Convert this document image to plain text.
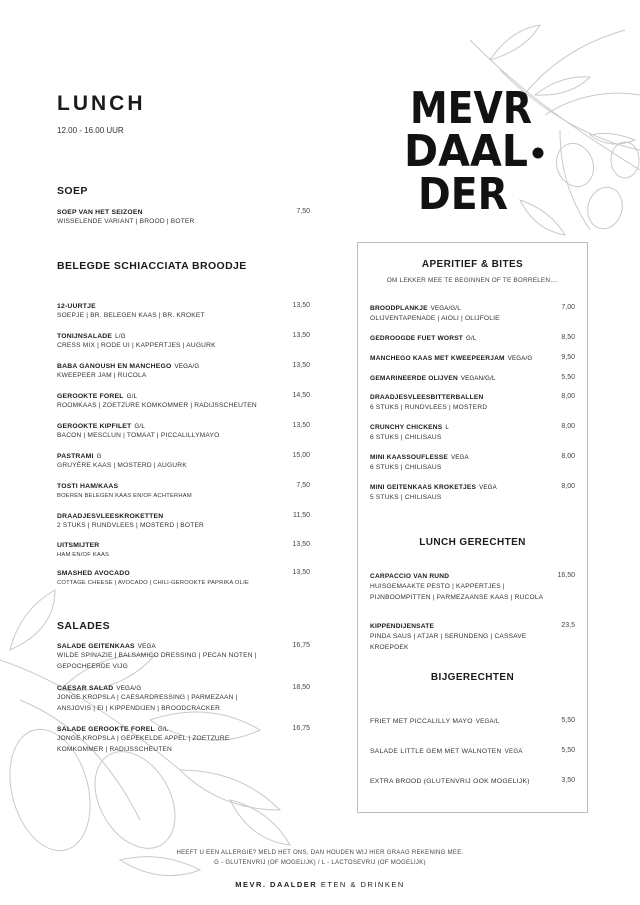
LUNCH
12.00 - 16.00 UUR	MEVR
DAAL
DER
SOEP
SOEP VAN HET SEIZOEN
WISSELENDE VARIANT | BROOD | BOTER
7,50
BELEGDE SCHIACCIATA BROODJE
12-UURTJE
SOEPJE | BR. BELEGEN KAAS | BR. KROKET
13,50
TONIJNSALADE L/G
CRESS MIX | RODE UI | KAPPERTJES | AUGURK
13,50
BABA GANOUSH EN MANCHEGO VEGA/G
KWEEPEER JAM | RUCOLA
13,50
GEROOKTE FOREL G/L
ROOMKAAS | ZOETZURE KOMKOMMER | RADIJSSCHEUTEN
14,50
GEROOKTE KIPFILET G/L
BACON | MESCLUN | TOMAAT | PICCALILLYMAYO
13,50
PASTRAMI G
GRUYÈRE KAAS | MOSTERD | AUGURK
15,00
TOSTI HAM/KAAS
BOEREN BELEGEN KAAS EN/OF ACHTERHAM
7,50
DRAADJESVLEESKROKETTEN
2 STUKS | RUNDVLEES | MOSTERD | BOTER
11,50
UITSMIJTER
HAM EN/OF KAAS
13,50
SMASHED AVOCADO
COTTAGE CHEESE | AVOCADO | CHILI-GEROOKTE PAPRIKA OLIE
13,50
SALADES
SALADE GEITENKAAS VEGA
WILDE SPINAZIE | BALSAMICO DRESSING | PECAN NOTEN | GEPOCHEERDE VIJG
16,75
CAESAR SALAD VEGA/G
JONGE KROPSLA | CAESARDRESSING | PARMEZAAN | ANSJOVIS | EI | KIPPENDIJEN | BROODCRACKER
18,50
SALADE GEROOKTE FOREL G/L
JONGE KROPSLA | GEPEKELDE APPEL | ZOETZURE KOMKOMMER | RADIJSSCHEUTEN
16,75
APERITIEF & BITES
OM LEKKER MEE TE BEGINNEN OF TE BORRELEN....
BROODPLANKJE VEGA/G/L
OLIJVENTAPENADE | AIOLI | OLIJFOLIE
7,00
GEDROOGDE FUET WORST G/L	8,50
MANCHEGO KAAS MET KWEEPEERJAM VEGA/G	9,50
GEMARINEERDE OLIJVEN VEGAN/G/L	5,50
DRAADJESVLEESBITTERBALLEN
6 STUKS | RUNDVLEES | MOSTERD
8,00
CRUNCHY CHICKENS L
6 STUKS | CHILISAUS
8,00
MINI KAASSOUFLESSE VEGA
6 STUKS | CHILISAUS
8,00
MINI GEITENKAAS KROKETJES VEGA
5 STUKS | CHILISAUS
8,00
LUNCH GERECHTEN
CARPACCIO VAN RUND
HUISGEMAAKTE PESTO | KAPPERTJES | PIJNBOOMPITTEN | PARMEZAANSE KAAS | RUCOLA
16,50
KIPPENDIJENSATE
PINDA SAUS | ATJAR | SERUNDENG | CASSAVE KROEPOEK
23,5
BIJGERECHTEN
FRIET MET PICCALILLY MAYO VEGA/L	5,50
SALADE LITTLE GEM MET WALNOTEN VEGA	5,50
EXTRA BROOD (GLUTENVRIJ OOK MOGELIJK)	3,50
HEEFT U EEN ALLERGIE? MELD HET ONS, DAN HOUDEN WIJ HIER GRAAG REKENING MEE.
G - GLUTENVRIJ (OF MOGELIJK) / L - LACTOSEVRIJ (OF MOGELIJK)
MEVR. DAALDER ETEN & DRINKEN
